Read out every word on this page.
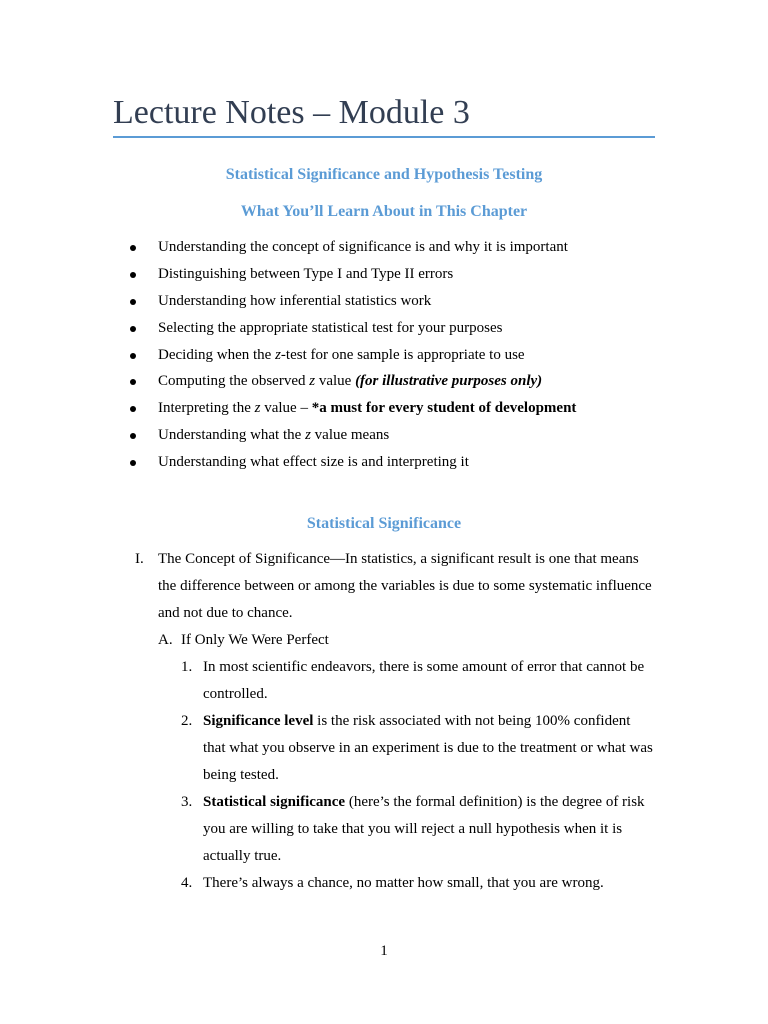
Lecture Notes – Module 3
Statistical Significance and Hypothesis Testing
What You’ll Learn About in This Chapter
Understanding the concept of significance is and why it is important
Distinguishing between Type I and Type II errors
Understanding how inferential statistics work
Selecting the appropriate statistical test for your purposes
Deciding when the z-test for one sample is appropriate to use
Computing the observed z value (for illustrative purposes only)
Interpreting the z value – *a must for every student of development
Understanding what the z value means
Understanding what effect size is and interpreting it
Statistical Significance
I. The Concept of Significance—In statistics, a significant result is one that means
the difference between or among the variables is due to some systematic influence
and not due to chance.
A. If Only We Were Perfect
1. In most scientific endeavors, there is some amount of error that cannot be
controlled.
2. Significance level is the risk associated with not being 100% confident
that what you observe in an experiment is due to the treatment or what was
being tested.
3. Statistical significance (here’s the formal definition) is the degree of risk
you are willing to take that you will reject a null hypothesis when it is
actually true.
4. There’s always a chance, no matter how small, that you are wrong.
1
